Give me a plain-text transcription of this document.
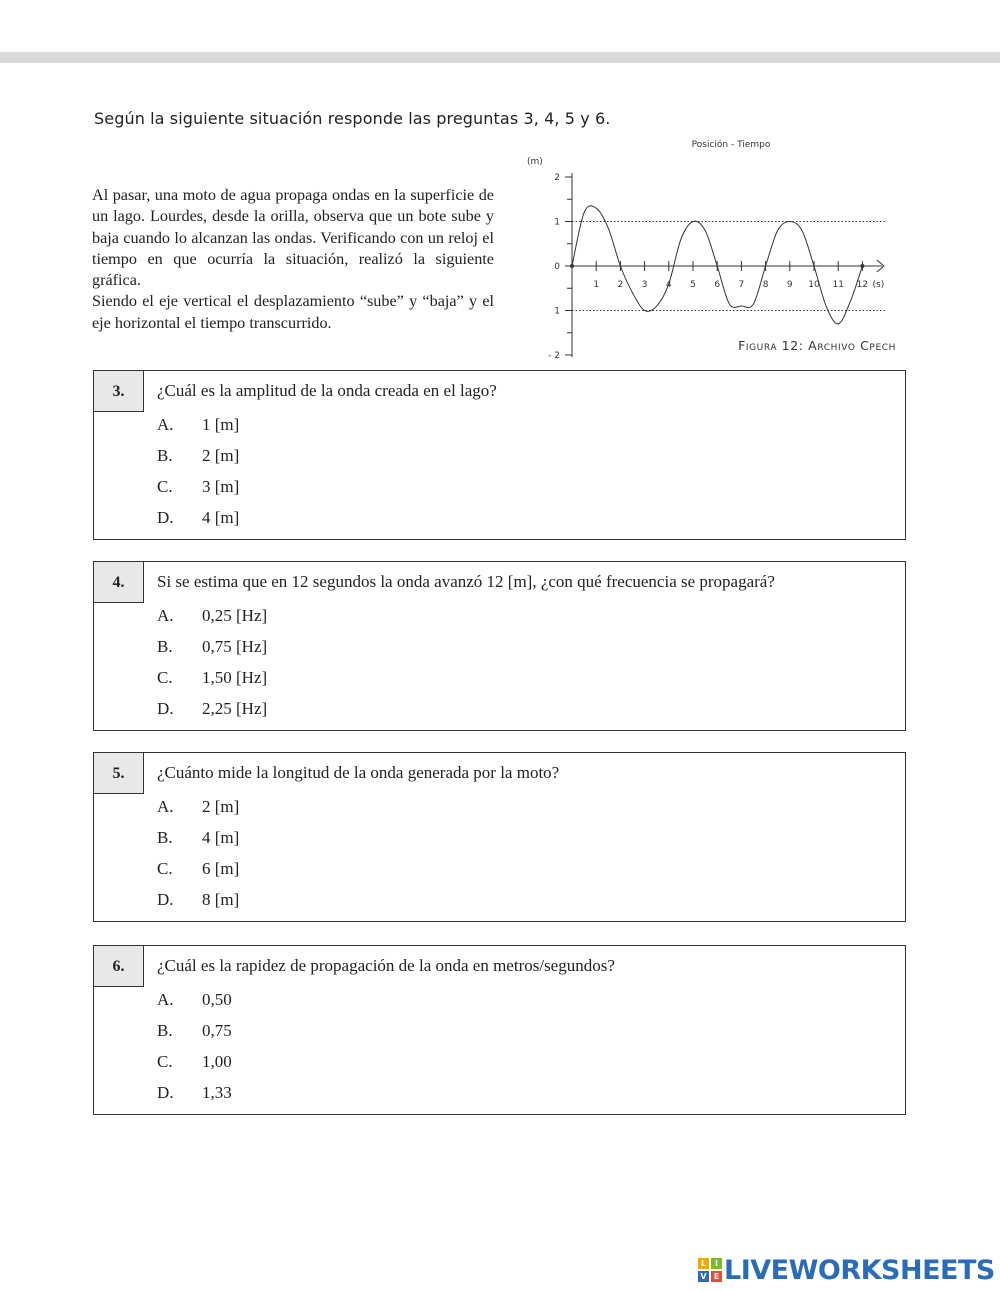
Según la siguiente situación responde las preguntas 3, 4, 5 y 6.

Al pasar, una moto de agua propaga ondas en la superficie de un lago. Lourdes, desde la orilla, observa que un bote sube y baja cuando lo alcanzan las ondas. Verificando con un reloj el tiempo en que ocurría la situación, realizó la siguiente gráfica.

Siendo el eje vertical el desplazamiento “sube” y “baja” y el eje horizontal el tiempo transcurrido.

Posición - Tiempo
(m)
Figura 12: Archivo Cpech
2
1
0
1
- 2
1 2 3 4 5 6 7 8 9 10 11 12 (s)
3.	¿Cuál es la amplitud de la onda creada en el lago?
A.	1 [m]
B.	2 [m]
C.	3 [m]
D.	4 [m]
4.	Si se estima que en 12 segundos la onda avanzó 12 [m], ¿con qué frecuencia se propagará?
A.	0,25 [Hz]
B.	0,75 [Hz]
C.	1,50 [Hz]
D.	2,25 [Hz]
5.	¿Cuánto mide la longitud de la onda generada por la moto?
A.	2 [m]
B.	4 [m]
C.	6 [m]
D.	8 [m]
6.	¿Cuál es la rapidez de propagación de la onda en metros/segundos?
A.	0,50
B.	0,75
C.	1,00
D.	1,33
L	I
V E LIVEWORKSHEETS
